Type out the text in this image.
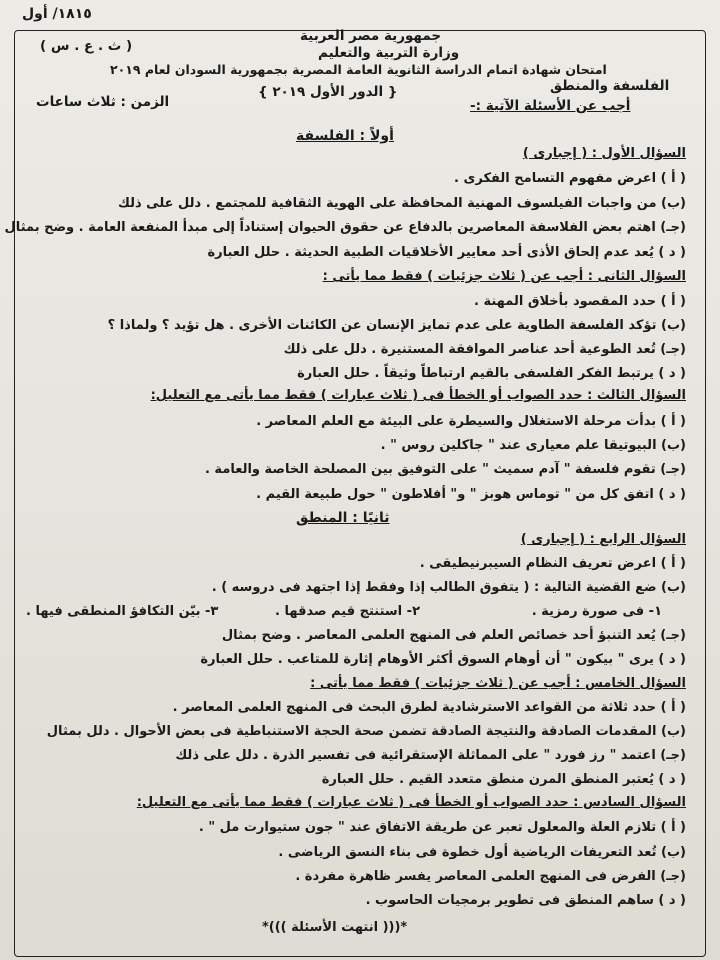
١٨١٥/ أول
جمهورية مصر العربية
وزارة التربية والتعليم
( ث . ع . س )
امتحان شهادة اتمام الدراسة الثانوية العامة المصرية بجمهورية السودان لعام ٢٠١٩
الفلسفة والمنطق
{ الدور الأول ٢٠١٩ }
الزمن : ثلاث ساعات	أجب عن الأسئلة الآتية :-
أولاً : الفلسفة
السؤال الأول : ( إجبارى )
( أ ) اعرض مفهوم التسامح الفكرى .
(ب) من واجبات الفيلسوف المهنية المحافظة على الهوية الثقافية للمجتمع . دلل على ذلك
(جـ) اهتم بعض الفلاسفة المعاصرين بالدفاع عن حقوق الحيوان إستناداً إلى مبدأ المنفعة العامة . وضح بمثال
( د ) يُعد عدم إلحاق الأذى أحد معايير الأخلاقيات الطبية الحديثة . حلل العبارة
السؤال الثانى : أجب عن ( ثلاث جزئيات ) فقط مما يأتى :
( أ ) حدد المقصود بأخلاق المهنة .
(ب) تؤكد الفلسفة الطاوية على عدم تمايز الإنسان عن الكائنات الأخرى . هل تؤيد ؟ ولماذا ؟
(جـ) تُعد الطوعية أحد عناصر الموافقة المستنيرة . دلل على ذلك
( د ) يرتبط الفكر الفلسفى بالقيم ارتباطاً وثيقاً . حلل العبارة
السؤال الثالث : حدد الصواب أو الخطأ فى ( ثلاث عبارات ) فقط مما يأتى مع التعليل:
( أ ) بدأت مرحلة الاستغلال والسيطرة على البيئة مع العلم المعاصر .
(ب) البيوتيقا علم معيارى عند " جاكلين روس " .
(جـ) تقوم فلسفة " آدم سميث " على التوفيق بين المصلحة الخاصة والعامة .
( د ) اتفق كل من " توماس هوبز " و" أفلاطون " حول طبيعة القيم .
ثانيًا : المنطق
السؤال الرابع : ( إجبارى )
( أ ) اعرض تعريف النظام السيبرنيطيقى .
(ب) ضع القضية التالية : ( يتفوق الطالب إذا وفقط إذا اجتهد فى دروسه ) .
١- فى صورة رمزية .
٢- استنتج قيم صدقها .
٣- بيّن التكافؤ المنطقى فيها .
(جـ) يُعد التنبؤ أحد خصائص العلم فى المنهج العلمى المعاصر . وضح بمثال
( د ) يرى " بيكون " أن أوهام السوق أكثر الأوهام إثارة للمتاعب . حلل العبارة
السؤال الخامس : أجب عن ( ثلاث جزئيات ) فقط مما يأتى :
( أ ) حدد ثلاثة من القواعد الاسترشادية لطرق البحث فى المنهج العلمى المعاصر .
(ب) المقدمات الصادقة والنتيجة الصادقة تضمن صحة الحجة الاستنباطية فى بعض الأحوال . دلل بمثال
(جـ) اعتمد " رز فورد " على المماثلة الإستقرائية فى تفسير الذرة . دلل على ذلك
( د ) يُعتبر المنطق المرن منطق متعدد القيم . حلل العبارة
السؤال السادس : حدد الصواب أو الخطأ فى ( ثلاث عبارات ) فقط مما يأتى مع التعليل:
( أ ) تلازم العلة والمعلول تعبر عن طريقة الاتفاق عند " جون ستيوارت مل " .
(ب) تُعد التعريفات الرياضية أول خطوة فى بناء النسق الرياضى .
(جـ) الفرض فى المنهج العلمى المعاصر يفسر ظاهرة مفردة .
( د ) ساهم المنطق فى تطوير برمجيات الحاسوب .
*((( انتهت الأسئلة )))*
